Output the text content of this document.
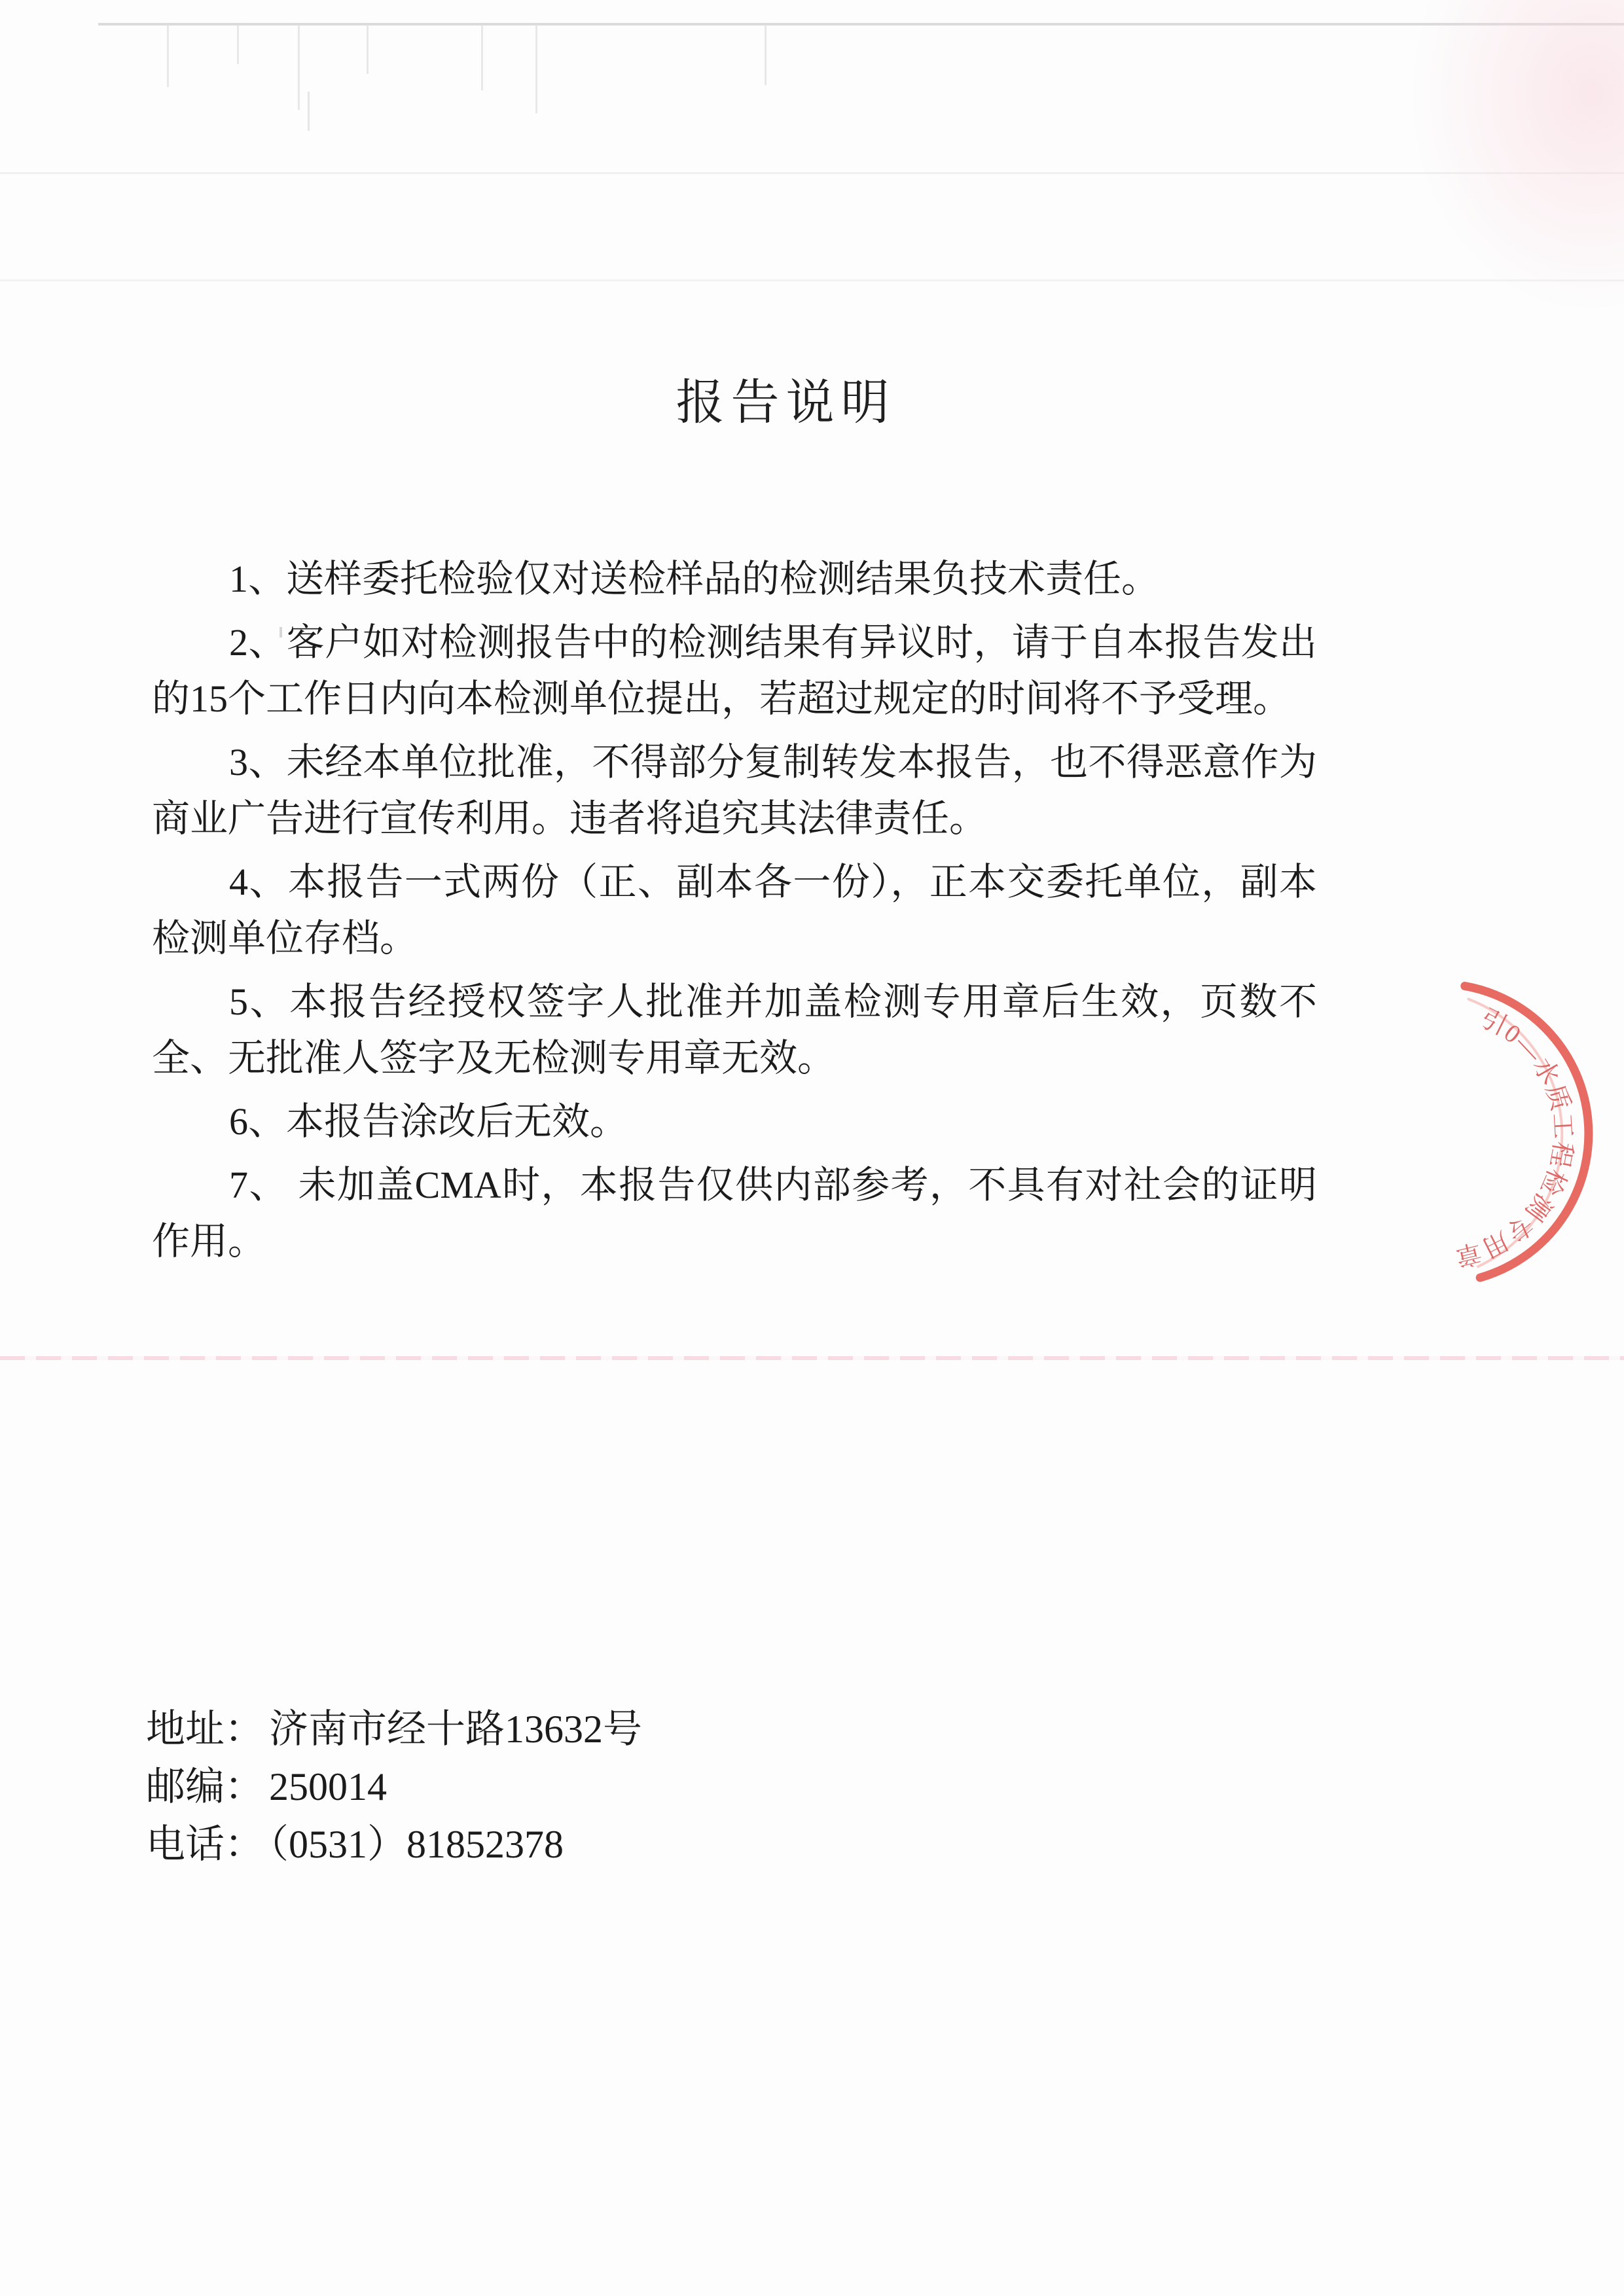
报告说明

1、送样委托检验仅对送检样品的检测结果负技术责任。

2、客户如对检测报告中的检测结果有异议时，请于自本报告发出的15个工作日内向本检测单位提出，若超过规定的时间将不予受理。

3、未经本单位批准，不得部分复制转发本报告，也不得恶意作为商业广告进行宣传利用。违者将追究其法律责任。

4、本报告一式两份（正、副本各一份），正本交委托单位，副本检测单位存档。

5、本报告经授权签字人批准并加盖检测专用章后生效，页数不全、无批准人签字及无检测专用章无效。

6、本报告涂改后无效。

7、 未加盖CMA时，本报告仅供内部参考，不具有对社会的证明作用。

引0—水质工程检测专用章
地址： 济南市经十路13632号
邮编： 250014
电话： （0531）81852378
